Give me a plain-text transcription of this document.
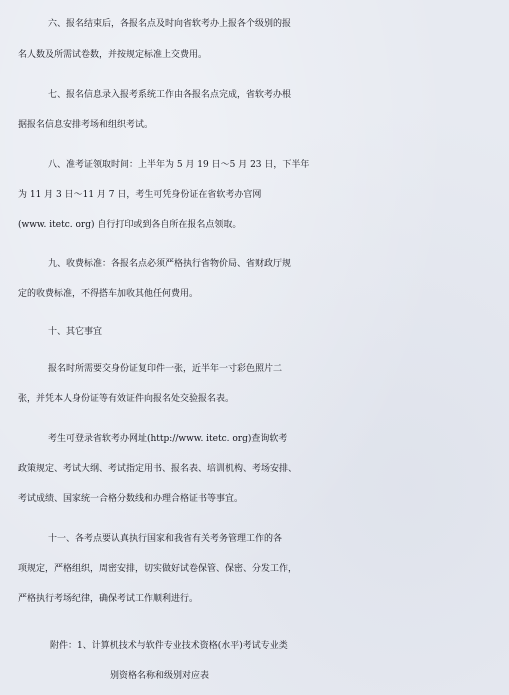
六、报名结束后，各报名点及时向省软考办上报各个级别的报
名人数及所需试卷数，并按规定标准上交费用。
七、报名信息录入报考系统工作由各报名点完成，省软考办根
据报名信息安排考场和组织考试。
八、准考证领取时间：上半年为 5 月 19 日～5 月 23 日，下半年
为 11 月 3 日～11 月 7 日，考生可凭身份证在省软考办官网
(www. itetc. org) 自行打印或到各自所在报名点领取。
九、收费标准：各报名点必须严格执行省物价局、省财政厅规
定的收费标准，不得搭车加收其他任何费用。
十、其它事宜
报名时所需要交身份证复印件一张，近半年一寸彩色照片二
张，并凭本人身份证等有效证件向报名处交验报名表。
考生可登录省软考办网址(http://www. itetc. org)查询软考
政策规定、考试大纲、考试指定用书、报名表、培训机构、考场安排、
考试成绩、国家统一合格分数线和办理合格证书等事宜。
十一、各考点要认真执行国家和我省有关考务管理工作的各
项规定，严格组织，周密安排，切实做好试卷保管、保密、分发工作，
严格执行考场纪律，确保考试工作顺利进行。
附件：1、计算机技术与软件专业技术资格(水平)考试专业类
别资格名称和级别对应表
